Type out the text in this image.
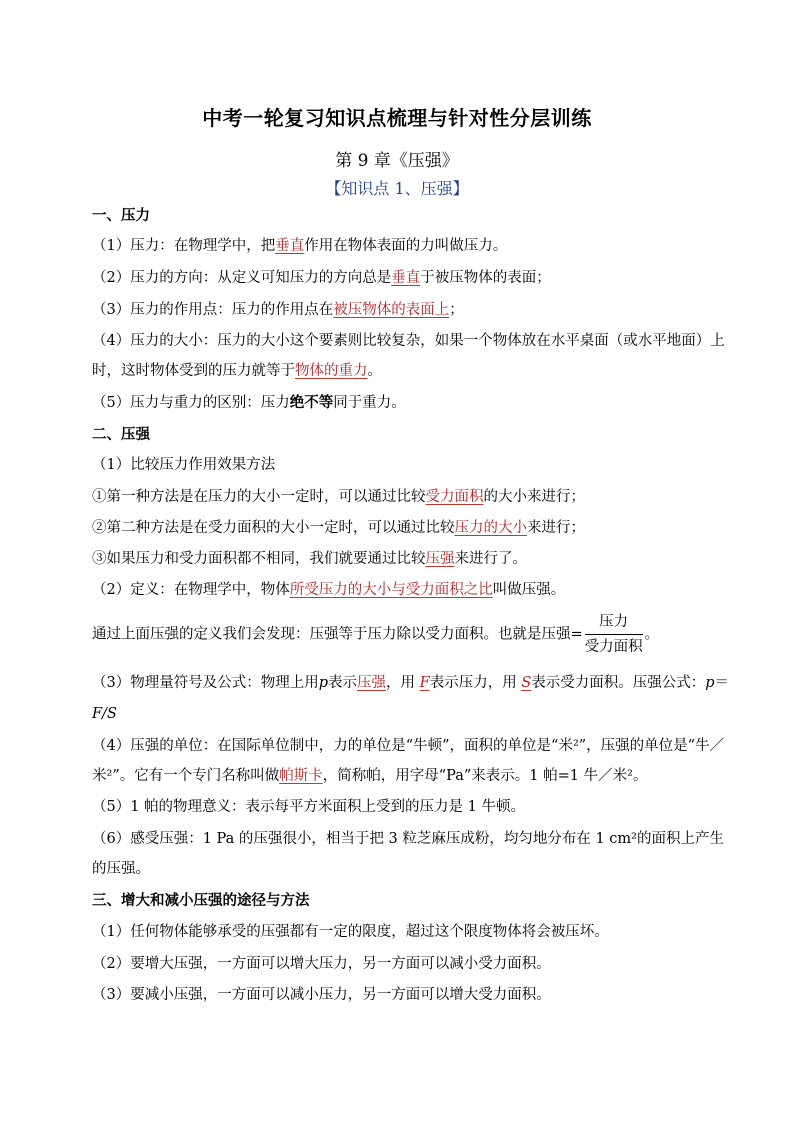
中考一轮复习知识点梳理与针对性分层训练
第 9 章《压强》
【知识点 1、压强】
一、压力
（1）压力：在物理学中，把垂直作用在物体表面的力叫做压力。
（2）压力的方向：从定义可知压力的方向总是垂直于被压物体的表面；
（3）压力的作用点：压力的作用点在被压物体的表面上；
（4）压力的大小：压力的大小这个要素则比较复杂，如果一个物体放在水平桌面（或水平地面）上
时，这时物体受到的压力就等于物体的重力。
（5）压力与重力的区别：压力绝不等同于重力。
二、压强
（1）比较压力作用效果方法
①第一种方法是在压力的大小一定时，可以通过比较受力面积的大小来进行；
②第二种方法是在受力面积的大小一定时，可以通过比较压力的大小来进行；
③如果压力和受力面积都不相同，我们就要通过比较压强来进行了。
（2）定义：在物理学中，物体所受压力的大小与受力面积之比叫做压强。
通过上面压强的定义我们会发现：压强等于压力除以受力面积。也就是压强= $\frac{\text{压力}}{\text{受力面积}}$ 。
（3）物理量符号及公式：物理上用p表示压强，用 F表示压力，用 S表示受力面积。压强公式：p＝
F/S
（4）压强的单位：在国际单位制中，力的单位是“牛顿”，面积的单位是“米²”，压强的单位是“牛／
米²”。它有一个专门名称叫做帕斯卡，简称帕，用字母“Pa”来表示。1 帕=1 牛／米²。
（5）1 帕的物理意义：表示每平方米面积上受到的压力是 1 牛顿。
（6）感受压强：1 Pa 的压强很小，相当于把 3 粒芝麻压成粉，均匀地分布在 1 cm²的面积上产生
的压强。
三、增大和减小压强的途径与方法
（1）任何物体能够承受的压强都有一定的限度，超过这个限度物体将会被压坏。
（2）要增大压强，一方面可以增大压力，另一方面可以减小受力面积。
（3）要减小压强，一方面可以减小压力，另一方面可以增大受力面积。
